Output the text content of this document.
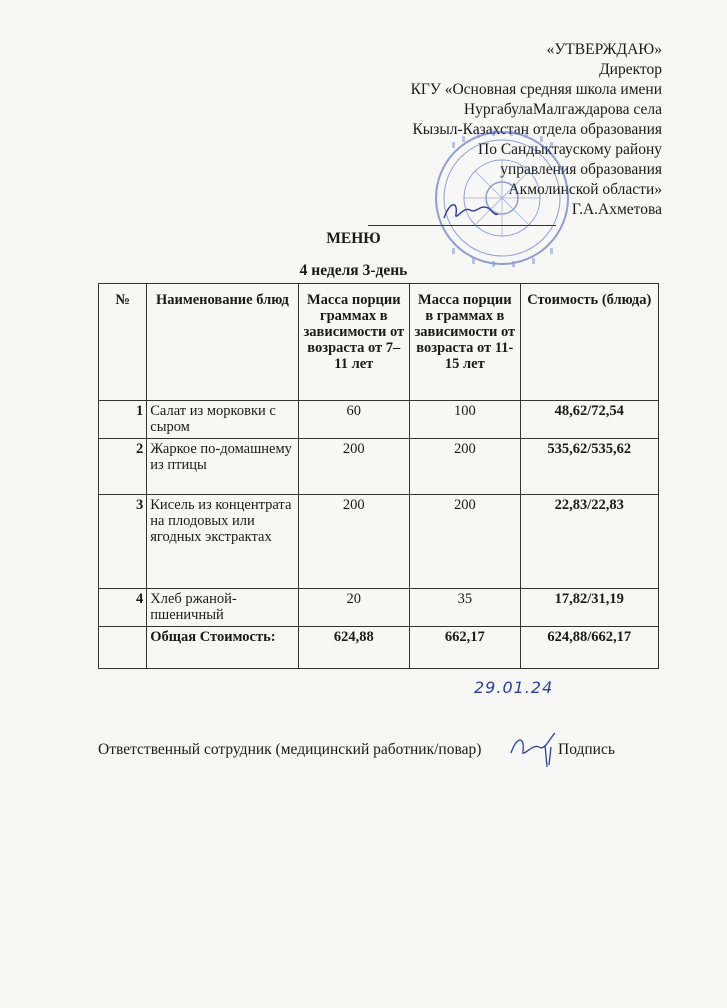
«УТВЕРЖДАЮ»
Директор
КГУ «Основная средняя школа имени
НургабулаМалгаждарова села
Кызыл-Казахстан отдела образования
По Сандыктаускому району
управления образования
Акмолинской области»
Г.А.Ахметова
МЕНЮ
4 неделя 3-день
№	Наименование блюд	Масса порции граммах в зависимости от возраста от 7–11 лет	Масса порции в граммах в зависимости от возраста от 11-15 лет	Стоимость (блюда)
1	Салат из морковки с сыром	60	100	48,62/72,54
2	Жаркое по-домашнему из птицы	200	200	535,62/535,62
3	Кисель из концентрата на плодовых или ягодных экстрактах	200	200	22,83/22,83
4	Хлеб ржаной-пшеничный	20	35	17,82/31,19
	Общая Стоимость:	624,88	662,17	624,88/662,17
29.01.24
Ответственный сотрудник (медицинский работник/повар)	Подпись
